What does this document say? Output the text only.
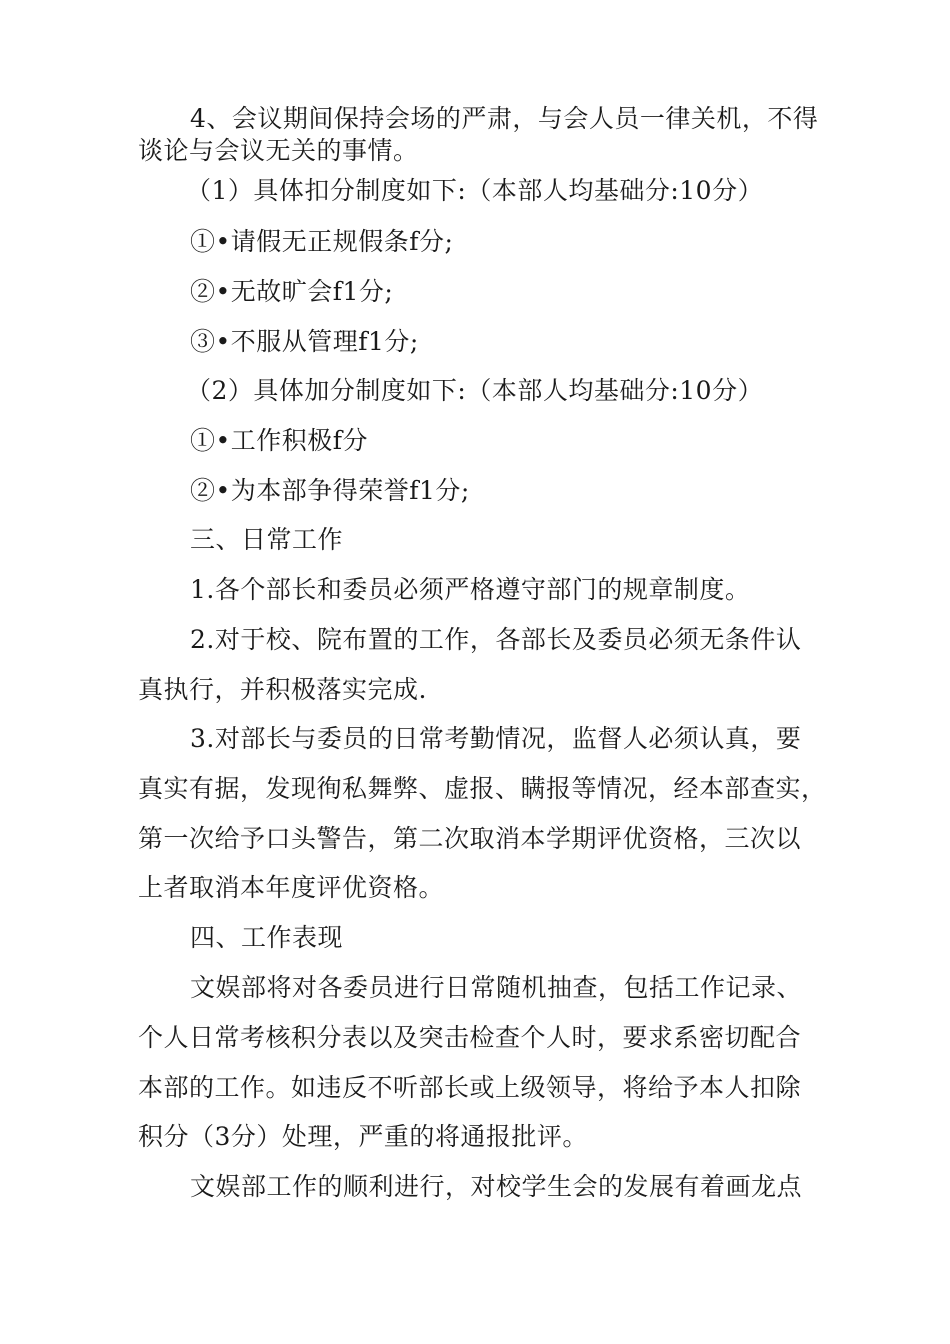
4、会议期间保持会场的严肃，与会人员一律关机，不得
谈论与会议无关的事情。
（1）具体扣分制度如下:（本部人均基础分:10分）
①•请假无正规假条f分;
②•无故旷会f1分;
③•不服从管理f1分;
（2）具体加分制度如下:（本部人均基础分:10分）
①•工作积极f分
②•为本部争得荣誉f1分;
三、日常工作
1.各个部长和委员必须严格遵守部门的规章制度。
2.对于校、院布置的工作，各部长及委员必须无条件认
真执行，并积极落实完成.
3.对部长与委员的日常考勤情况，监督人必须认真，要
真实有据，发现徇私舞弊、虚报、瞒报等情况，经本部查实，
第一次给予口头警告，第二次取消本学期评优资格，三次以
上者取消本年度评优资格。
四、工作表现
文娱部将对各委员进行日常随机抽查，包括工作记录、
个人日常考核积分表以及突击检查个人时，要求系密切配合
本部的工作。如违反不听部长或上级领导，将给予本人扣除
积分（3分）处理，严重的将通报批评。
文娱部工作的顺利进行，对校学生会的发展有着画龙点
